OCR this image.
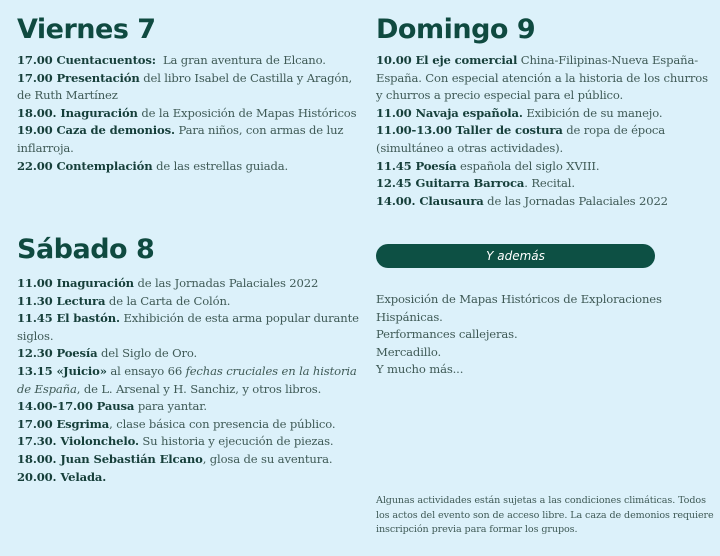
Viernes 7
17.00 Cuentacuentos:  La gran aventura de Elcano.
17.00 Presentación del libro Isabel de Castilla y Aragón, de Ruth Martínez
18.00. Inaguración de la Exposición de Mapas Históricos
19.00 Caza de demonios. Para niños, con armas de luz inflarroja.
22.00 Contemplación de las estrellas guiada.
Sábado 8
11.00 Inaguración de las Jornadas Palaciales 2022
11.30 Lectura de la Carta de Colón.
11.45 El bastón. Exhibición de esta arma popular durante siglos.
12.30 Poesía del Siglo de Oro.
13.15 «Juicio» al ensayo 66 fechas cruciales en la historia de España, de L. Arsenal y H. Sanchiz, y otros libros.
14.00-17.00 Pausa para yantar.
17.00 Esgrima, clase básica con presencia de público.
17.30. Violonchelo. Su historia y ejecución de piezas.
18.00. Juan Sebastián Elcano, glosa de su aventura.
20.00. Velada.
Domingo 9
10.00 El eje comercial China-Filipinas-Nueva España-España. Con especial atención a la historia de los churros y churros a precio especial para el público.
11.00 Navaja española. Exibición de su manejo.
11.00-13.00 Taller de costura de ropa de época (simultáneo a otras actividades).
11.45 Poesía española del siglo XVIII.
12.45 Guitarra Barroca. Recital.
14.00. Clausaura de las Jornadas Palaciales 2022
Y además
Exposición de Mapas Históricos de Exploraciones Hispánicas.
Performances callejeras.
Mercadillo.
Y mucho más...
Algunas actividades están sujetas a las condiciones climáticas. Todos los actos del evento son de acceso libre. La caza de demonios requiere inscripción previa para formar los grupos.
